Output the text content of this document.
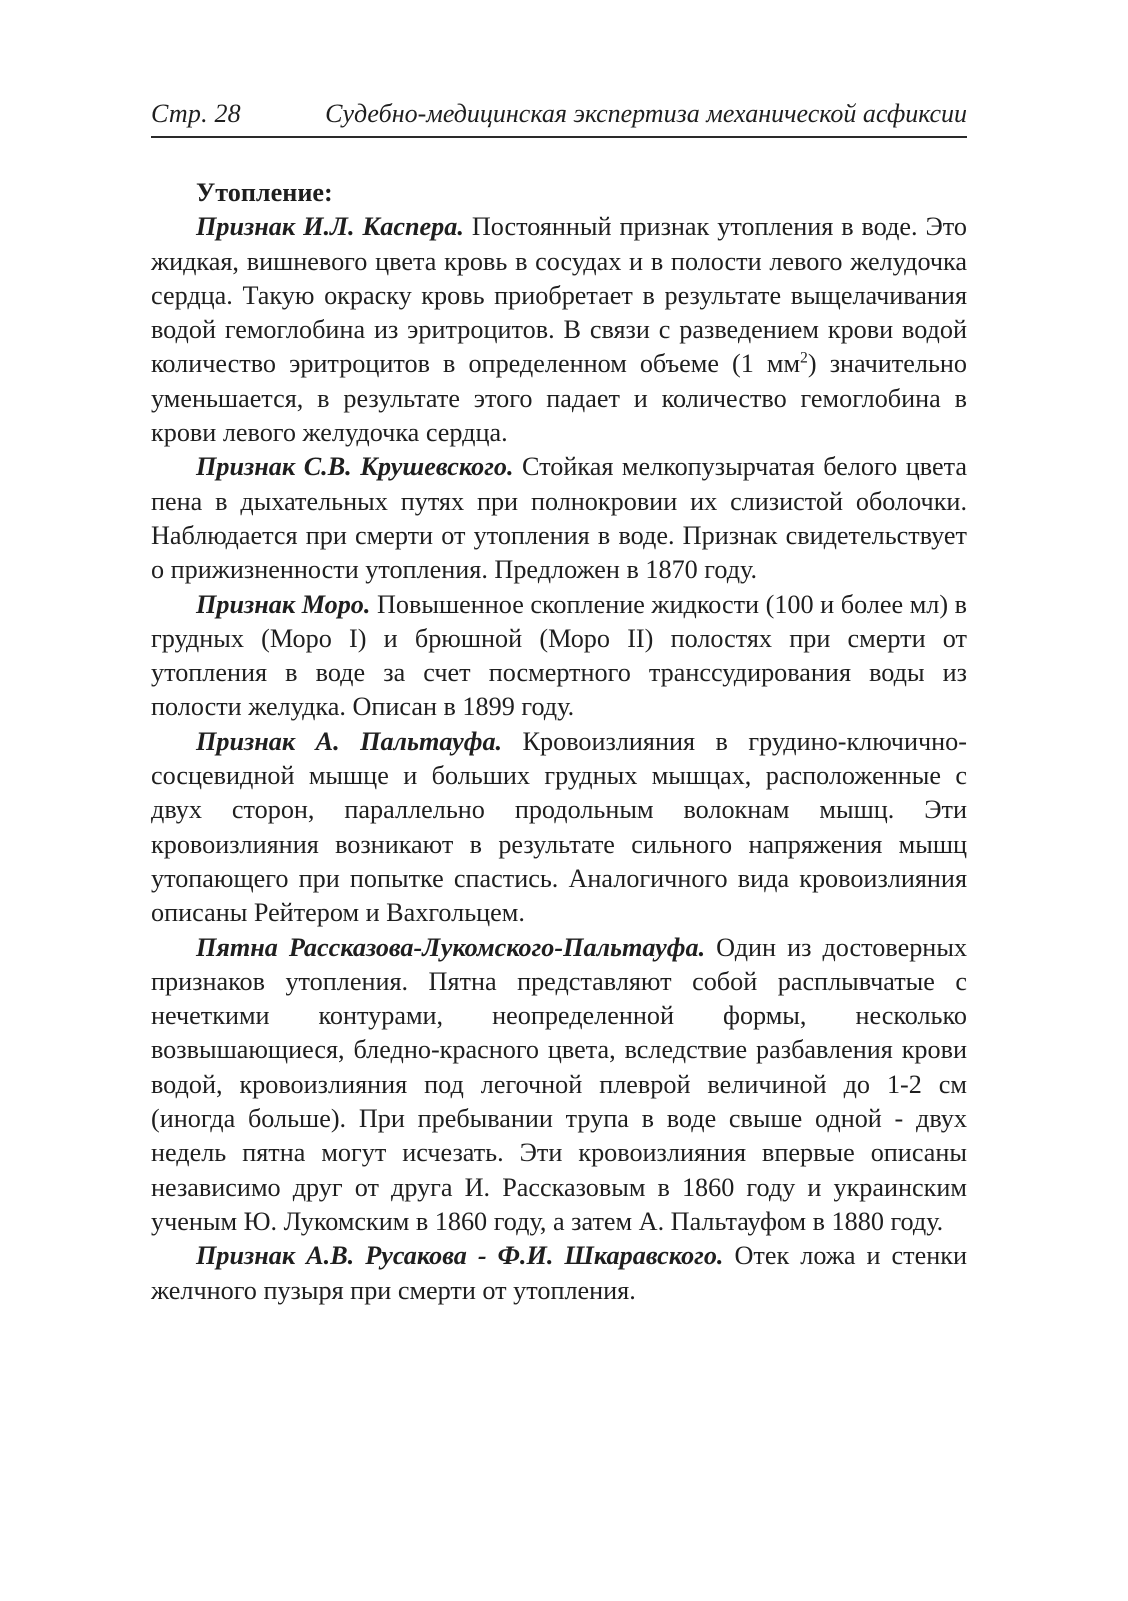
Стр. 28	Судебно-медицинская экспертиза механической асфиксии

Утопление:

Признак И.Л. Каспера. Постоянный признак утопления в воде. Это жидкая, вишневого цвета кровь в сосудах и в полости левого желудочка сердца. Такую окраску кровь приобретает в результате выщелачивания водой гемоглобина из эритроцитов. В связи с разведением крови водой количество эритроцитов в определенном объеме (1 $мм^2$) значительно уменьшается, в результате этого падает и количество гемоглобина в крови левого желудочка сердца.

Признак С.В. Крушевского. Стойкая мелкопузырчатая белого цвета пена в дыхательных путях при полнокровии их слизистой оболочки. Наблюдается при смерти от утопления в воде. Признак свидетельствует о прижизненности утопления. Предложен в 1870 году.

Признак Моро. Повышенное скопление жидкости (100 и более мл) в грудных (Моро I) и брюшной (Моро II) полостях при смерти от утопления в воде за счет посмертного транссудирования воды из полости желудка. Описан в 1899 году.

Признак А. Пальтауфа. Кровоизлияния в грудино-ключично-сосцевидной мышце и больших грудных мышцах, расположенные с двух сторон, параллельно продольным волокнам мышц. Эти кровоизлияния возникают в результате сильного напряжения мышц утопающего при попытке спастись. Аналогичного вида кровоизлияния описаны Рейтером и Вахгольцем.

Пятна Рассказова-Лукомского-Пальтауфа. Один из достоверных признаков утопления. Пятна представляют собой расплывчатые с нечеткими контурами, неопределенной формы, несколько возвышающиеся, бледно-красного цвета, вследствие разбавления крови водой, кровоизлияния под легочной плеврой величиной до 1-2 см (иногда больше). При пребывании трупа в воде свыше одной - двух недель пятна могут исчезать. Эти кровоизлияния впервые описаны независимо друг от друга И. Рассказовым в 1860 году и украинским ученым Ю. Лукомским в 1860 году, а затем А. Пальтауфом в 1880 году.

Признак А.В. Русакова - Ф.И. Шкаравского. Отек ложа и стенки желчного пузыря при смерти от утопления.
